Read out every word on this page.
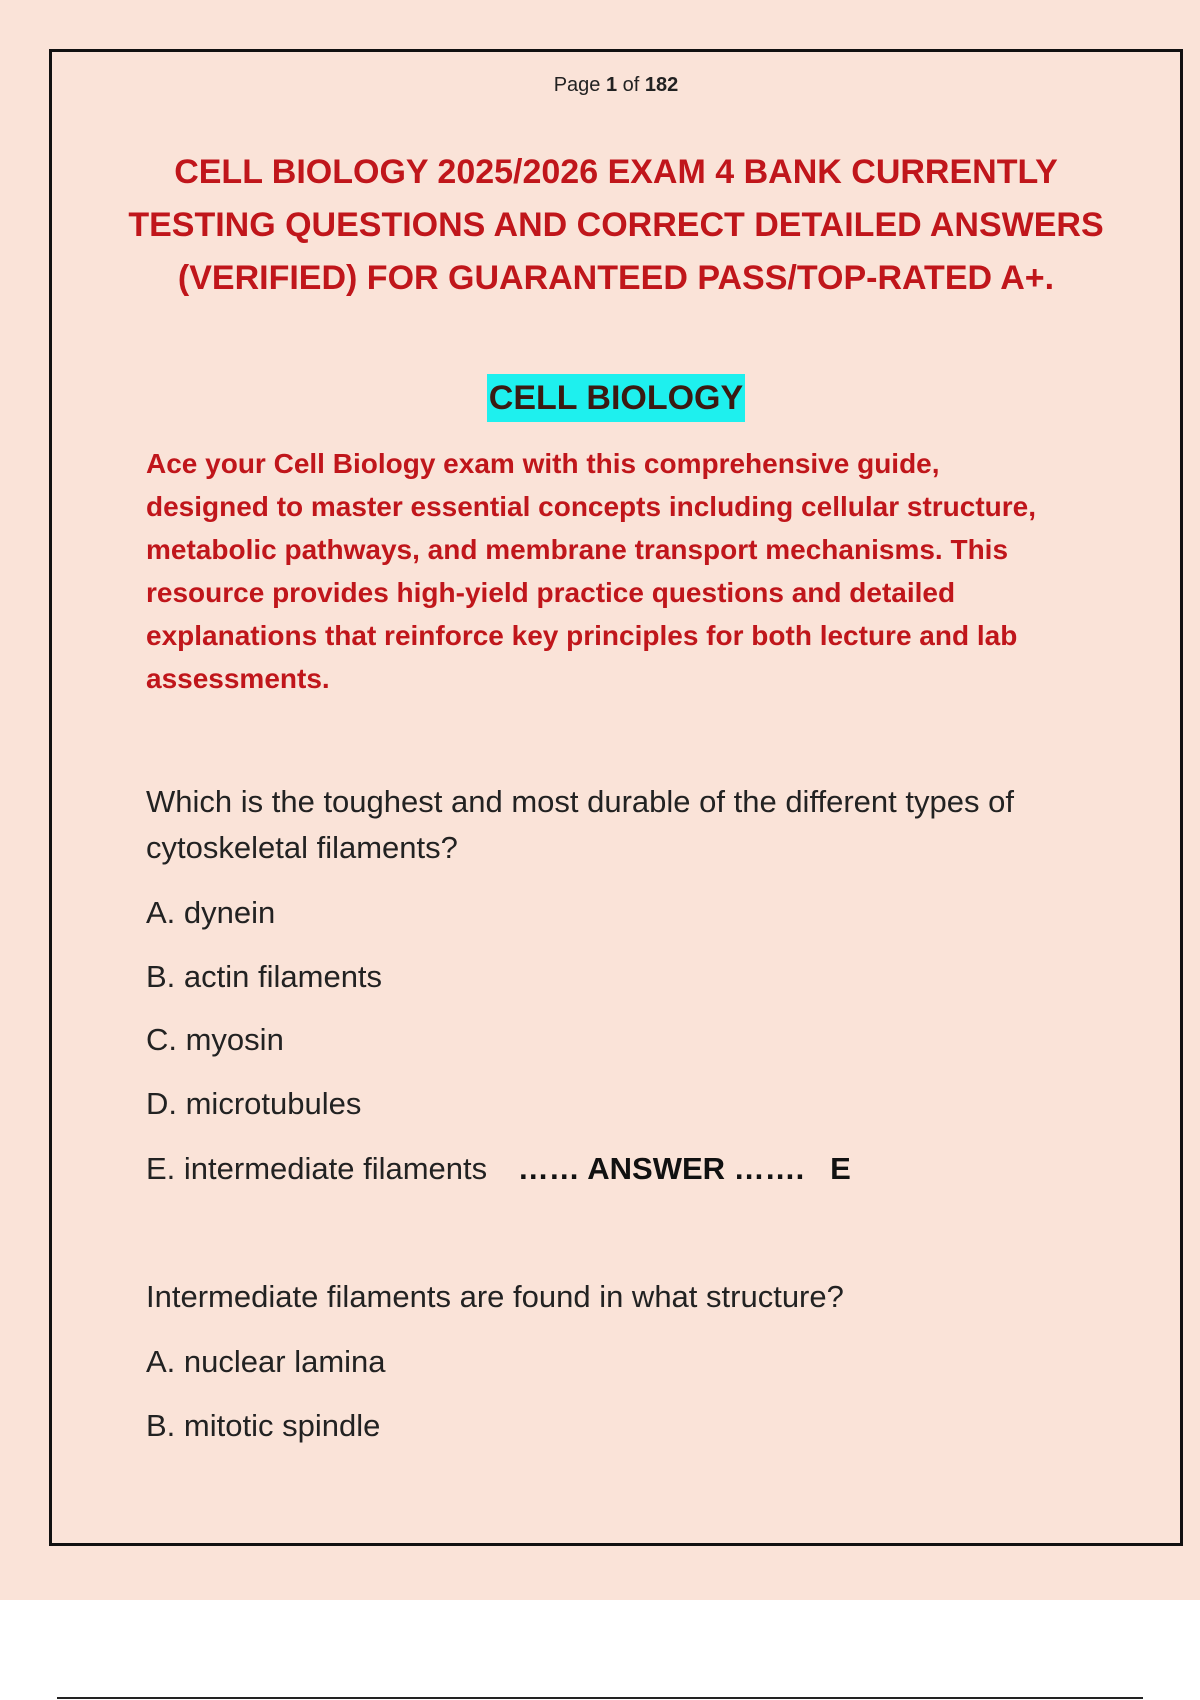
Page 1 of 182
CELL BIOLOGY 2025/2026 EXAM 4 BANK CURRENTLY TESTING QUESTIONS AND CORRECT DETAILED ANSWERS (VERIFIED) FOR GUARANTEED PASS/TOP-RATED A+.
CELL BIOLOGY

Ace your Cell Biology exam with this comprehensive guide, designed to master essential concepts including cellular structure, metabolic pathways, and membrane transport mechanisms. This resource provides high-yield practice questions and detailed explanations that reinforce key principles for both lecture and lab assessments.

Which is the toughest and most durable of the different types of cytoskeletal filaments?

A. dynein
B. actin filaments
C. myosin
D. microtubules
E. intermediate filaments …… ANSWER …….   E

Intermediate filaments are found in what structure?

A. nuclear lamina
B. mitotic spindle
